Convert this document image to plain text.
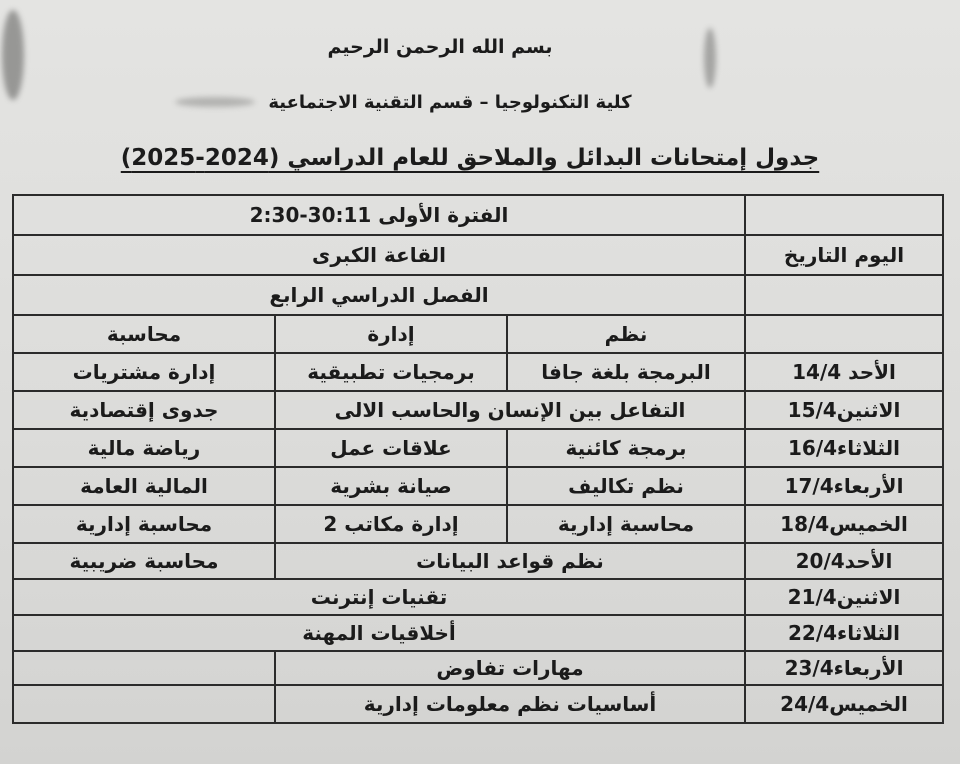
بسم الله الرحمن الرحيم
كلية التكنولوجيا – قسم التقنية الاجتماعية
جدول إمتحانات البدائل والملاحق للعام الدراسي (2024-2025)
	الفترة الأولى 30:11-2:30		
اليوم التاريخ	القاعة الكبرى		
	الفصل الدراسي الرابع		
	نظم	إدارة	محاسبة
الأحد 14/4	البرمجة بلغة جافا	برمجيات تطبيقية	إدارة مشتريات
الاثنين15/4	التفاعل بين الإنسان والحاسب الالى		جدوى إقتصادية
الثلاثاء16/4	برمجة كائنية	علاقات عمل	رياضة مالية
الأربعاء17/4	نظم تكاليف	صيانة بشرية	المالية العامة
الخميس18/4	محاسبة إدارية	إدارة مكاتب 2	محاسبة إدارية
الأحد20/4	نظم قواعد البيانات		محاسبة ضريبية
الاثنين21/4	تقنيات إنترنت		
الثلاثاء22/4	أخلاقيات المهنة		
الأربعاء23/4	مهارات تفاوض		
الخميس24/4	أساسيات نظم معلومات إدارية		
